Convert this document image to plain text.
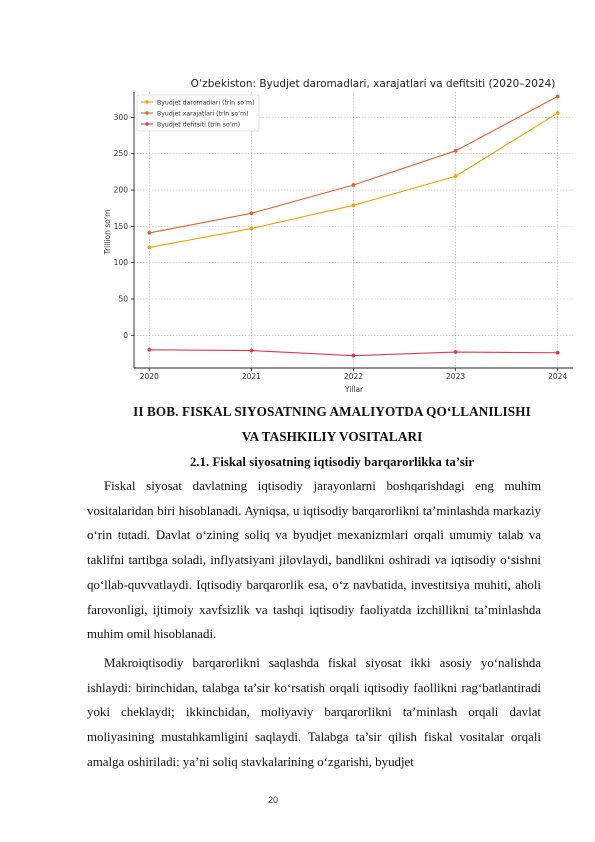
O‘zbekiston: Byudjet daromadlari, xarajatlari va defitsiti (2020–2024)
0
50
100
150
200
250
300
2020	2021	2022	2023	2024
Byudjet daromadlari (trln so‘m)
Byudjet xarajatlari (trln so‘m)
Byudjet defitsiti (trln so‘m)
Yillar
Trillion so‘m
II BOB. FISKAL SIYOSATNING AMALIYOTDA QO‘LLANILISHI
VA TASHKILIY VOSITALARI
2.1. Fiskal siyosatning iqtisodiy barqarorlikka ta’sir

Fiskal siyosat davlatning iqtisodiy jarayonlarni boshqarishdagi eng muhim vositalaridan biri hisoblanadi. Ayniqsa, u iqtisodiy barqarorlikni ta’minlashda markaziy o‘rin tutadi. Davlat o‘zining soliq va byudjet mexanizmlari orqali umumiy talab va taklifni tartibga soladi, inflyatsiyani jilovlaydi, bandlikni oshiradi va iqtisodiy o‘sishni qo‘llab-quvvatlaydi. Iqtisodiy barqarorlik esa, o‘z navbatida, investitsiya muhiti, aholi farovonligi, ijtimoiy xavfsizlik va tashqi iqtisodiy faoliyatda izchillikni ta’minlashda muhim omil hisoblanadi.

Makroiqtisodiy barqarorlikni saqlashda fiskal siyosat ikki asosiy yo‘nalishda ishlaydi: birinchidan, talabga ta’sir ko‘rsatish orqali iqtisodiy faollikni rag‘batlantiradi yoki cheklaydi; ikkinchidan, moliyaviy barqarorlikni ta’minlash orqali davlat moliyasining mustahkamligini saqlaydi. Talabga ta’sir qilish fiskal vositalar orqali amalga oshiriladi: ya’ni soliq stavkalarining o‘zgarishi, byudjet

20
